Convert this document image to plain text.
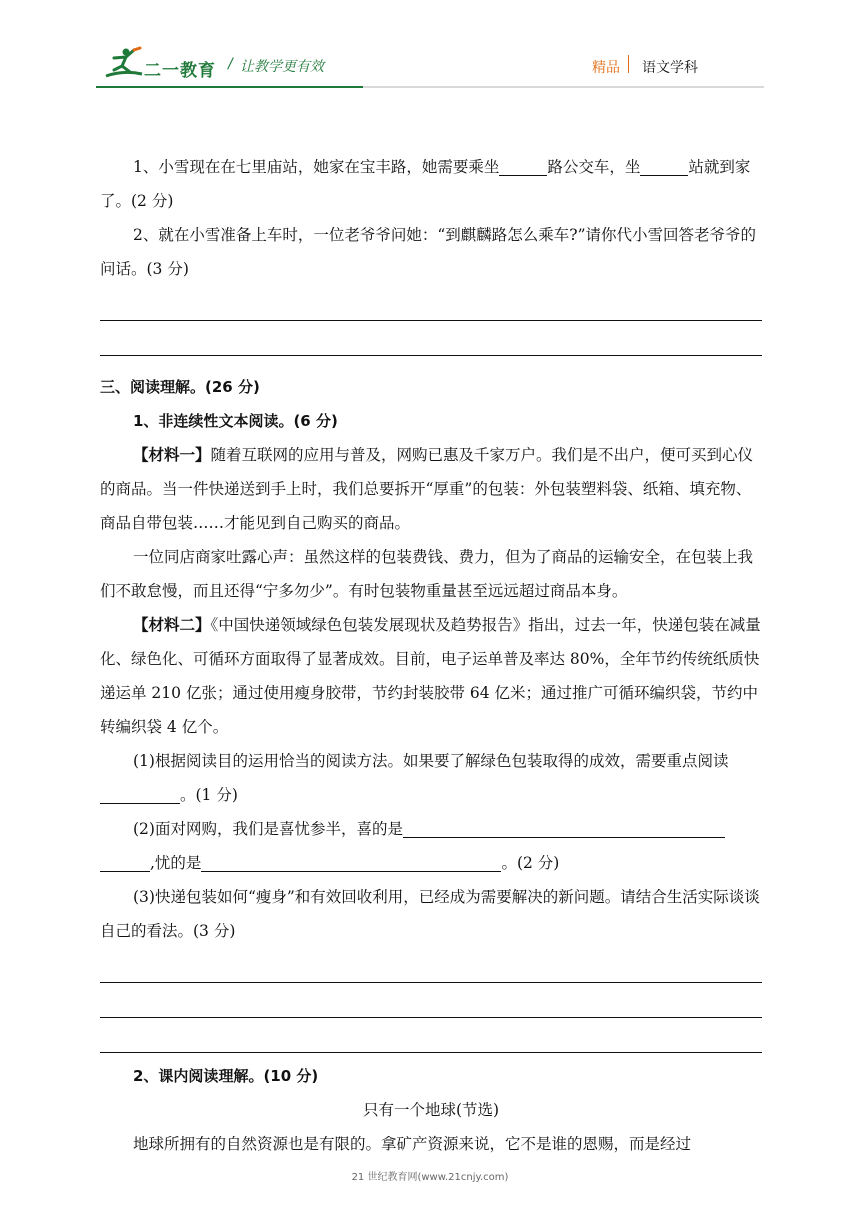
二一教育 / 让教学更有效	精品 语文学科

1、小雪现在在七里庙站，她家在宝丰路，她需要乘坐	路公交车，坐	站就到家了。(2 分)

2、就在小雪准备上车时，一位老爷爷问她：“到麒麟路怎么乘车?”请你代小雪回答老爷爷的问话。(3 分)

三、阅读理解。(26 分)

1、非连续性文本阅读。(6 分)

【材料一】随着互联网的应用与普及，网购已惠及千家万户。我们是不出户，便可买到心仪的商品。当一件快递送到手上时，我们总要拆开“厚重”的包装：外包装塑料袋、纸箱、填充物、商品自带包装……才能见到自己购买的商品。

一位同店商家吐露心声：虽然这样的包装费钱、费力，但为了商品的运输安全，在包装上我们不敢怠慢，而且还得“宁多勿少”。有时包装物重量甚至远远超过商品本身。

【材料二】《中国快递领域绿色包装发展现状及趋势报告》指出，过去一年，快递包装在减量化、绿色化、可循环方面取得了显著成效。目前，电子运单普及率达 80%，全年节约传统纸质快递运单 210 亿张；通过使用瘦身胶带，节约封装胶带 64 亿米；通过推广可循环编织袋，节约中转编织袋 4 亿个。

(1)根据阅读目的运用恰当的阅读方法。如果要了解绿色包装取得的成效，需要重点阅读。(1 分)

(2)面对网购，我们是喜忧参半，喜的是,忧的是	。(2 分)

(3)快递包装如何“瘦身”和有效回收利用，已经成为需要解决的新问题。请结合生活实际谈谈自己的看法。(3 分)

2、课内阅读理解。(10 分)

只有一个地球(节选)

地球所拥有的自然资源也是有限的。拿矿产资源来说，它不是谁的恩赐，而是经过

21 世纪教育网(www.21cnjy.com)
